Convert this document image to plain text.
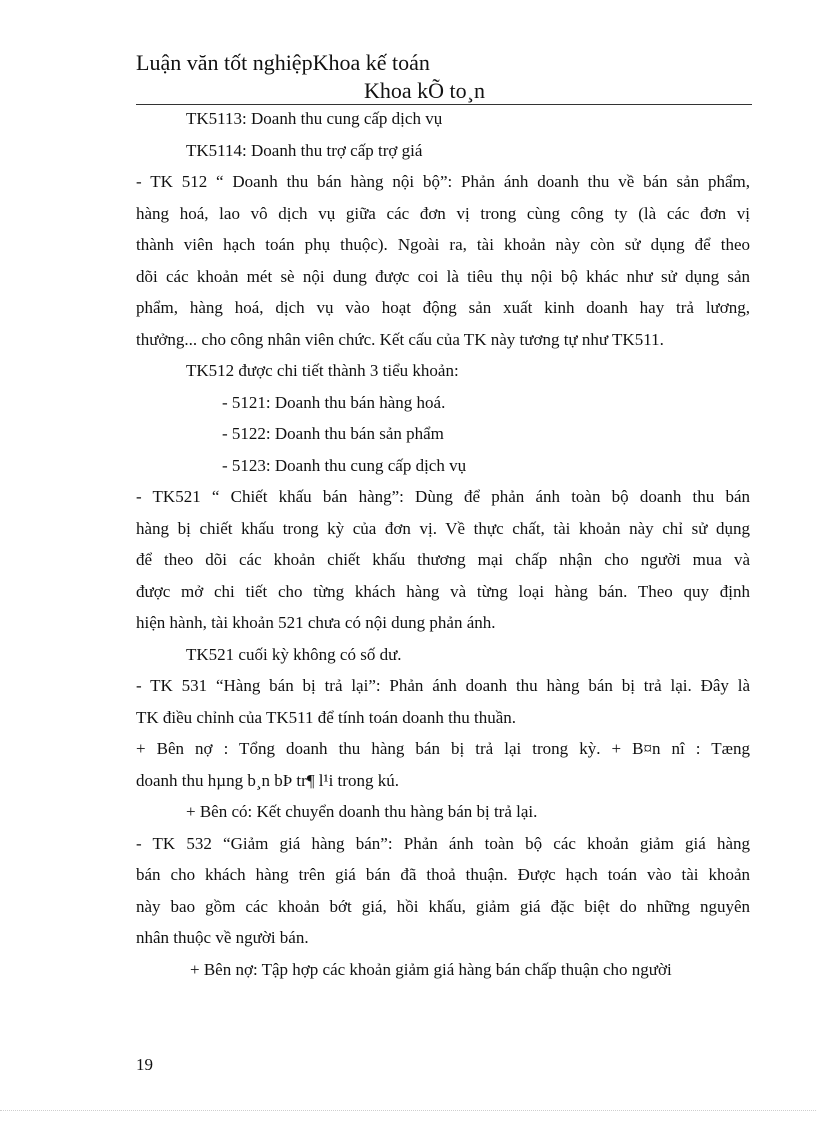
Luận văn tốt nghiệpKhoa kế toán
Khoa kÕ to¸n

TK5113: Doanh thu cung cấp dịch vụ

TK5114: Doanh thu trợ cấp trợ giá

- TK 512 “ Doanh thu bán hàng nội bộ”: Phản ánh doanh thu về bán sản phẩm,

hàng hoá, lao vô dịch vụ giữa các đơn vị trong cùng công ty (là các đơn vị

thành viên hạch toán phụ thuộc). Ngoài ra, tài khoản này còn sử dụng để theo

dõi các khoản mét sè nội dung được coi là tiêu thụ nội bộ khác như sử dụng sản

phẩm, hàng hoá, dịch vụ vào hoạt động sản xuất kinh doanh hay trả lương,

thưởng... cho công nhân viên chức. Kết cấu của TK này tương tự như TK511.

TK512 được chi tiết thành 3 tiểu khoản:

- 5121: Doanh thu bán hàng hoá.

- 5122: Doanh thu bán sản phẩm

- 5123: Doanh thu cung cấp dịch vụ

- TK521 “ Chiết khấu bán hàng”: Dùng để phản ánh toàn bộ doanh thu bán

hàng bị chiết khấu trong kỳ của đơn vị. Về thực chất, tài khoản này chỉ sử dụng

để theo dõi các khoản chiết khấu thương mại chấp nhận cho người mua và

được mở chi tiết cho từng khách hàng và từng loại hàng bán. Theo quy định

hiện hành, tài khoản 521 chưa có nội dung phản ánh.

TK521 cuối kỳ không có số dư.

- TK 531 “Hàng bán bị trả lại”: Phản ánh doanh thu hàng bán bị trả lại. Đây là

TK điều chỉnh của TK511 để tính toán doanh thu thuần.

+ Bên nợ : Tổng doanh thu hàng bán bị trả lại trong kỳ. + B¤n nî : Tæng

doanh thu hµng b¸n bÞ tr¶ l¹i trong kú.

+ Bên có: Kết chuyển doanh thu hàng bán bị trả lại.

- TK 532 “Giảm giá hàng bán”: Phản ánh toàn bộ các khoản giảm giá hàng

bán cho khách hàng trên giá bán đã thoả thuận. Được hạch toán vào tài khoản

này bao gồm các khoản bớt giá, hồi khấu, giảm giá đặc biệt do những nguyên

nhân thuộc về người bán.

+ Bên nợ: Tập hợp các khoản giảm giá hàng bán chấp thuận cho người

19
